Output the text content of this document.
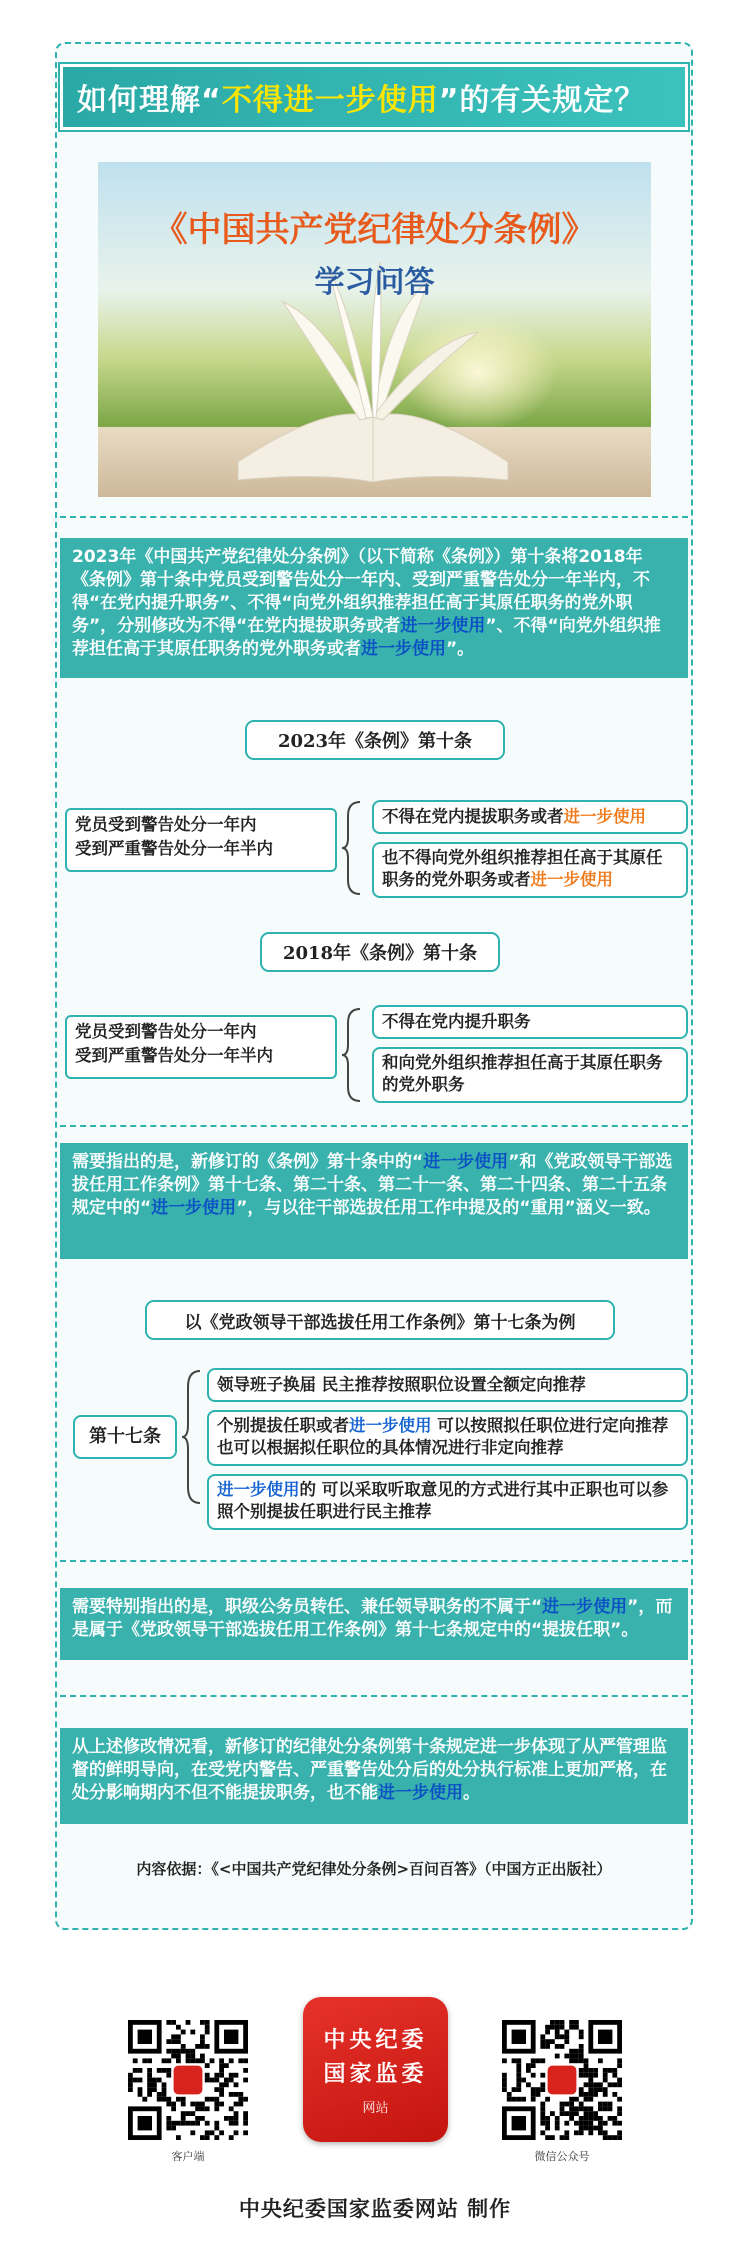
如何理解“ 不得进一步使用 ”的有关规定？
《中国共产党纪律处分条例》
学习问答
2023年《中国共产党纪律处分条例》（以下简称《条例》）第十条将2018年《条例》第十条中党员受到警告处分一年内、受到严重警告处分一年半内，不得“在党内提升职务”、不得“向党外组织推荐担任高于其原任职务的党外职务”，分别修改为不得“在党内提拔职务或者进一步使用”、不得“向党外组织推荐担任高于其原任职务的党外职务或者进一步使用”。
2023年《条例》第十条
党员受到警告处分一年内
受到严重警告处分一年半内
不得在党内提拔职务或者进一步使用
也不得向党外组织推荐担任高于其原任职务的党外职务或者进一步使用
2018年《条例》第十条
党员受到警告处分一年内
受到严重警告处分一年半内
不得在党内提升职务
和向党外组织推荐担任高于其原任职务的党外职务
需要指出的是，新修订的《条例》第十条中的“进一步使用”和《党政领导干部选拔任用工作条例》第十七条、第二十条、第二十一条、第二十四条、第二十五条规定中的“进一步使用”，与以往干部选拔任用工作中提及的“重用”涵义一致。
以《党政领导干部选拔任用工作条例》第十七条为例
第十七条
领导班子换届 民主推荐按照职位设置全额定向推荐
个别提拔任职或者进一步使用 可以按照拟任职位进行定向推荐也可以根据拟任职位的具体情况进行非定向推荐
进一步使用的 可以采取听取意见的方式进行其中正职也可以参照个别提拔任职进行民主推荐
需要特别指出的是，职级公务员转任、兼任领导职务的不属于“进一步使用”，而是属于《党政领导干部选拔任用工作条例》第十七条规定中的“提拔任职”。
从上述修改情况看，新修订的纪律处分条例第十条规定进一步体现了从严管理监督的鲜明导向，在受党内警告、严重警告处分后的处分执行标准上更加严格，在处分影响期内不但不能提拔职务，也不能进一步使用。
内容依据：《<中国共产党纪律处分条例>百问百答》（中国方正出版社）
客户端
中央纪委
国家监委
网站
微信公众号
中央纪委国家监委网站 制作
